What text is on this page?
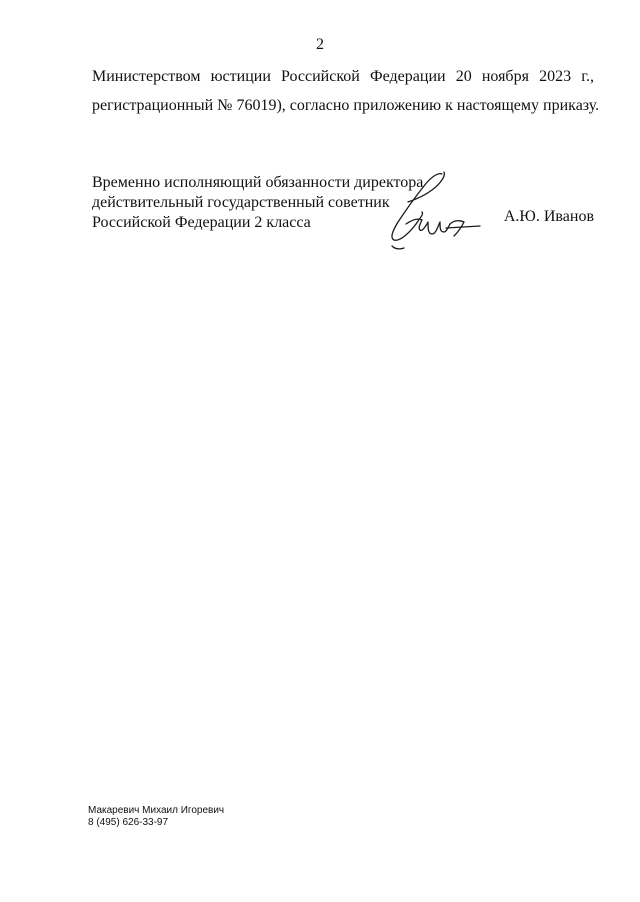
2
Министерством юстиции Российской Федерации 20 ноября 2023 г.,
регистрационный № 76019), согласно приложению к настоящему приказу.
Временно исполняющий обязанности директора
действительный государственный советник
Российской Федерации 2 класса	А.Ю. Иванов
Макаревич Михаил Игоревич
8 (495) 626-33-97
